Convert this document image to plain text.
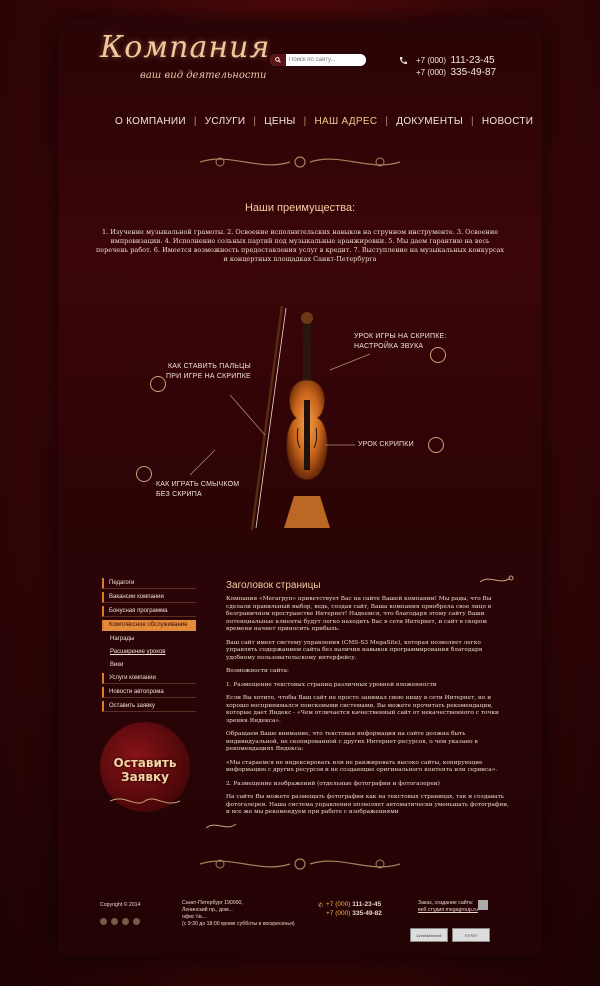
Компания
ваш вид деятельности
Поиск по сайту...
+7 (000) 111-23-45
+7 (000) 335-49-87
О КОМПАНИИ | УСЛУГИ | ЦЕНЫ | НАШ АДРЕС | ДОКУМЕНТЫ | НОВОСТИ
Наши преимущества:
1. Изучение музыкальной грамоты. 2. Освоение исполнительских навыков на струнном инструменте. 3. Освоение импровизации. 4. Исполнение сольных партий под музыкальные аранжировки. 5. Мы даем гарантию на весь перечень работ. 6. Имеется возможность предоставления услуг в кредит. 7. Выступление на музыкальных конкурсах и концертных площадках Санкт-Петербурга
УРОК ИГРЫ НА СКРИПКЕ:
НАСТРОЙКА ЗВУКА
КАК СТАВИТЬ ПАЛЬЦЫ
ПРИ ИГРЕ НА СКРИПКЕ
УРОК СКРИПКИ
КАК ИГРАТЬ СМЫЧКОМ
БЕЗ СКРИПА
Педагоги
Вакансии компании
Бонусная программа
Комплексное обслуживание
Награды
Расширение уроков
Вики
Услуги компании
Новости автопрома
Оставить заявку
Оставить
Заявку
Заголовок страницы

Компания «Мегагруп» приветствует Вас на сайте Вашей компании! Мы рады, что Вы сделали правильный выбор, ведь, создав сайт, Ваша компания приобрела свое лицо в безграничном пространстве Интернет! Надеемся, что благодаря этому сайту Ваши потенциальные клиенты будут легко находить Вас в сети Интернет, и сайт в скором времени начнет приносить прибыль.

Ваш сайт имеет систему управления (CMS-S3 MegaSite), которая позволяет легко управлять содержанием сайта без наличия навыков программирования благодаря удобному пользовательскому интерфейсу.

Возможности сайта:

1. Размещение текстовых страниц различных уровней вложенности

Если Вы хотите, чтобы Ваш сайт не просто занимал свою нишу в сети Интернет, но и хорошо воспринимался поисковыми системами, Вы можете прочитать рекомендации, которые дает Яндекс - «Чем отличается качественный сайт от некачественного с точки зрения Яндекса».

Обращаем Ваше внимание, что текстовая информация на сайте должна быть индивидуальной, не скопированной с других Интернет-ресурсов, о чем указано в рекомендациях Яндекса:

«Мы стараемся не индексировать или не ранжировать высоко сайты, копирующие информацию с других ресурсов и не создающие оригинального контента или сервиса».

2. Размещение изображений (отдельные фотографии и фотогалереи)

На сайте Вы можете размещать фотографии как на текстовых страницах, так и создавать фотогалереи. Наша система управления позволяет автоматически уменьшать фотографии, и все же мы рекомендуем при работе с изображениями

Copyright © 2014	Санкт-Петербург 190000,
Ленинский пр., дом...
офис №...
(с 9:30 до 18:00 кроме субботы и воскресенья)
✆ +7 (000) 111-23-45
+7 (000) 335-49-82
Заказ, создание сайта:
веб студия megagroup.ru
LiveInternet	19787
